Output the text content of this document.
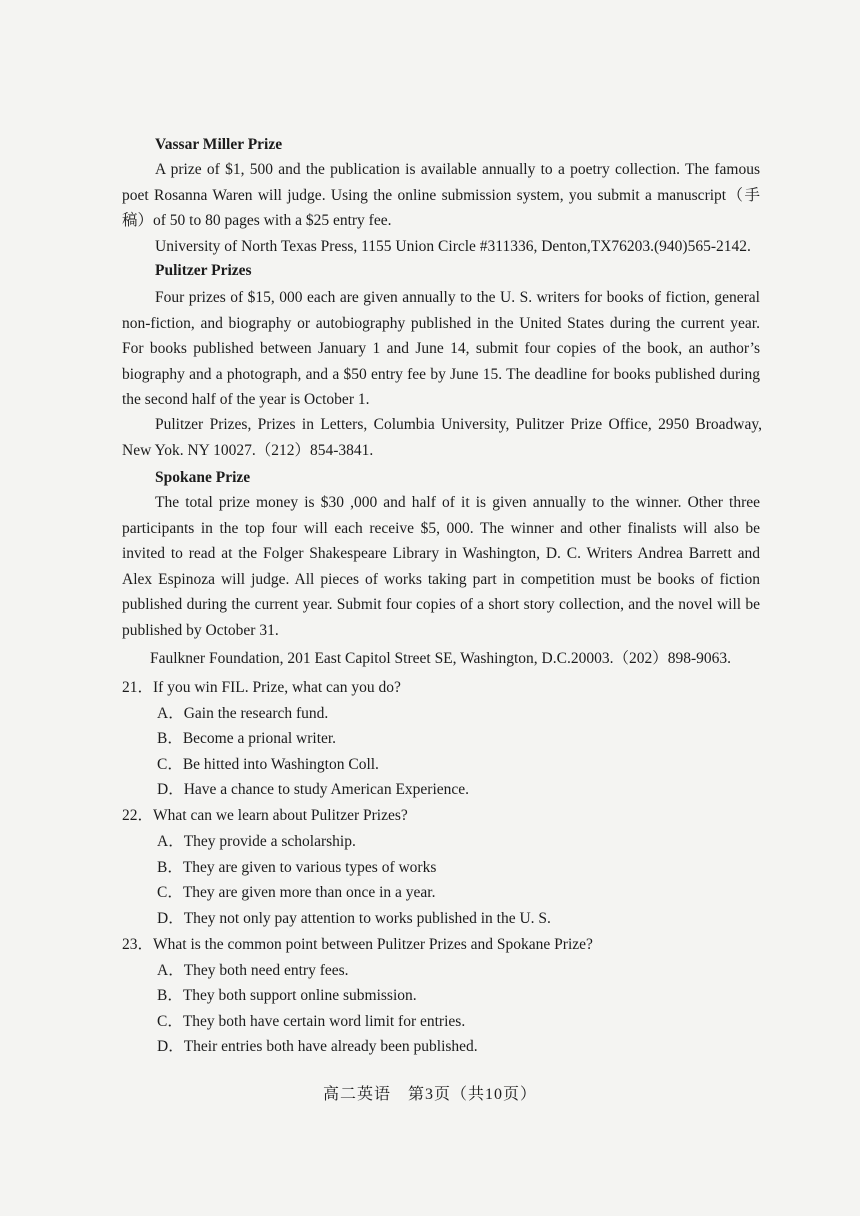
Vassar Miller Prize

A prize of $1, 500 and the publication is available annually to a poetry collection. The famous poet Rosanna Waren will judge. Using the online submission system, you submit a manuscript（手稿）of 50 to 80 pages with a $25 entry fee.

University of North Texas Press, 1155 Union Circle #311336, Denton,TX76203.(940)565-2142.

Pulitzer Prizes

Four prizes of $15, 000 each are given annually to the U. S. writers for books of fiction, general non-fiction, and biography or autobiography published in the United States during the current year. For books published between January 1 and June 14, submit four copies of the book, an author’s biography and a photograph, and a $50 entry fee by June 15. The deadline for books published during the second half of the year is October 1.

Pulitzer Prizes, Prizes in Letters, Columbia University, Pulitzer Prize Office, 2950 Broadway, New Yok. NY 10027.（212）854-3841.

Spokane Prize

The total prize money is $30 ,000 and half of it is given annually to the winner. Other three participants in the top four will each receive $5, 000. The winner and other finalists will also be invited to read at the Folger Shakespeare Library in Washington, D. C. Writers Andrea Barrett and Alex Espinoza will judge. All pieces of works taking part in competition must be books of fiction published during the current year. Submit four copies of a short story collection, and the novel will be published by October 31.

Faulkner Foundation, 201 East Capitol Street SE, Washington, D.C.20003.（202）898-9063.

21．If you win FIL. Prize, what can you do?
A．Gain the research fund.
B．Become a prional writer.
C．Be hitted into Washington Coll.
D．Have a chance to study American Experience.
22．What can we learn about Pulitzer Prizes?
A．They provide a scholarship.
B．They are given to various types of works
C．They are given more than once in a year.
D．They not only pay attention to works published in the U. S.
23．What is the common point between Pulitzer Prizes and Spokane Prize?
A．They both need entry fees.
B．They both support online submission.
C．They both have certain word limit for entries.
D．Their entries both have already been published.
高二英语　第3页（共10页）
